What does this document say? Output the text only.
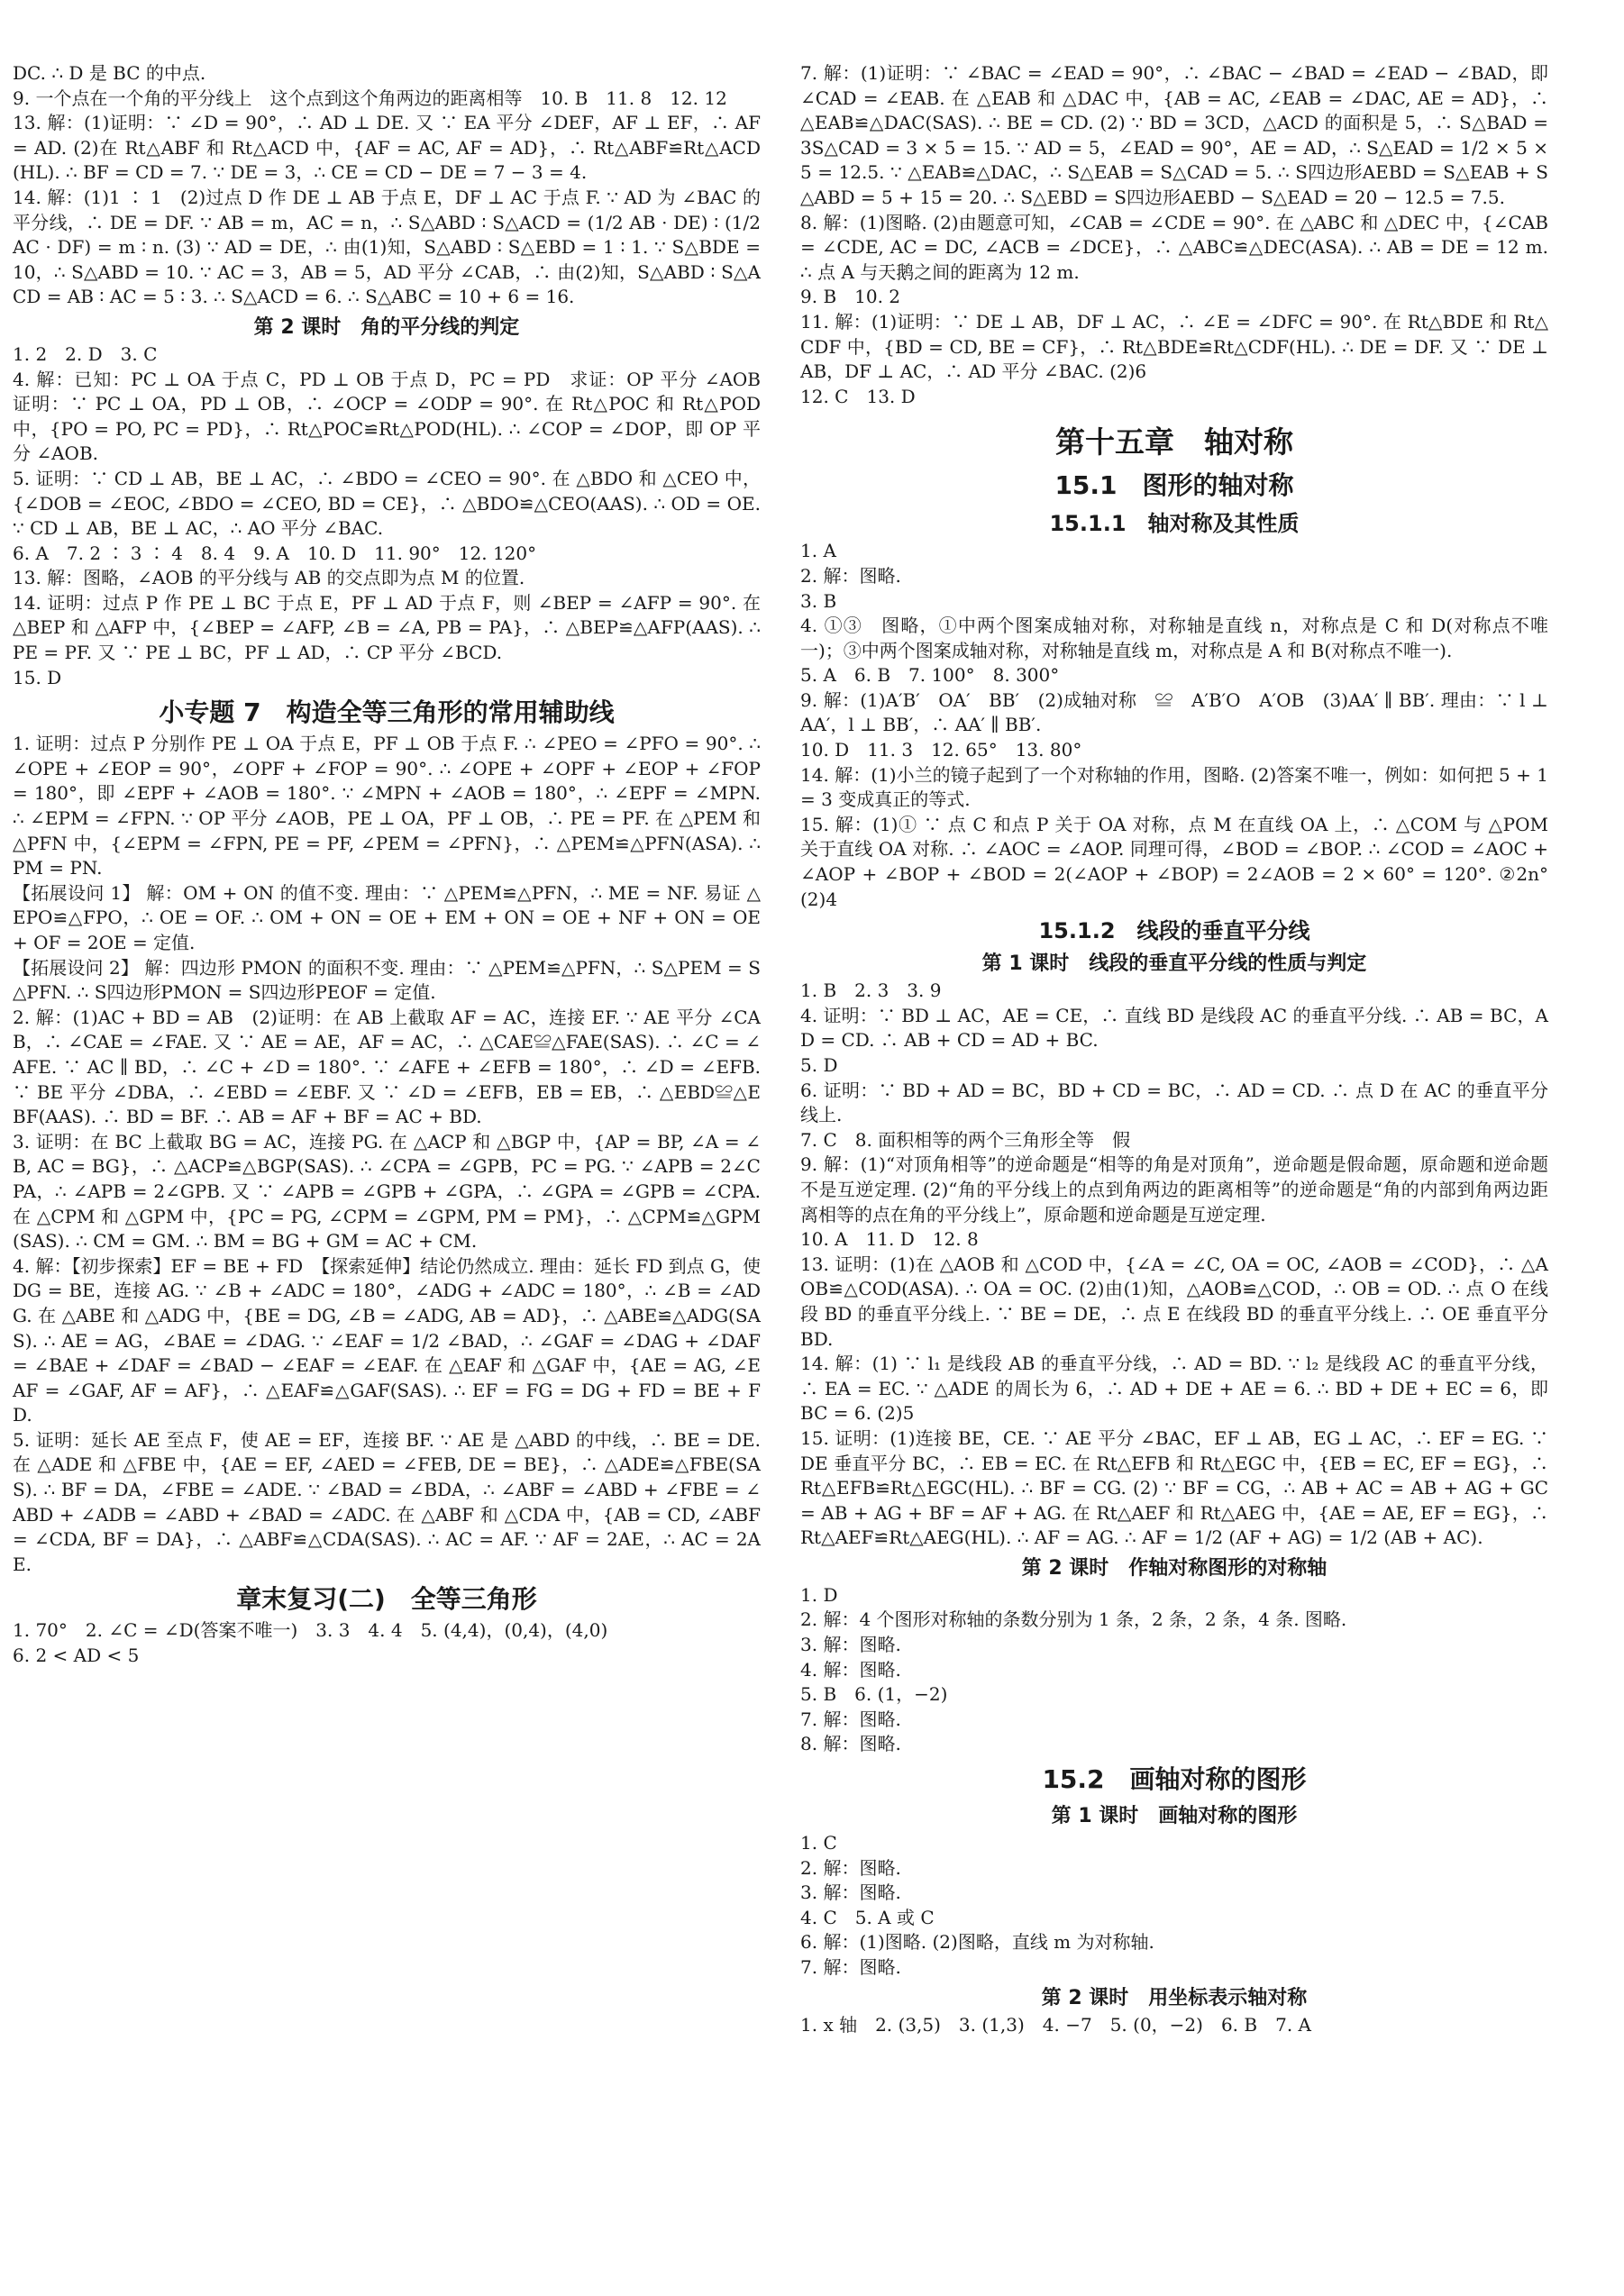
DC. ∴ D 是 BC 的中点.

9. 一个点在一个角的平分线上　这个点到这个角两边的距离相等　10. B　11. 8　12. 12

13. 解：(1)证明：∵ ∠D = 90°，∴ AD ⊥ DE. 又 ∵ EA 平分 ∠DEF，AF ⊥ EF，∴ AF = AD. (2)在 Rt△ABF 和 Rt△ACD 中，{AF = AC, AF = AD}，∴ Rt△ABF≌Rt△ACD(HL). ∴ BF = CD = 7. ∵ DE = 3，∴ CE = CD − DE = 7 − 3 = 4.

14. 解：(1)1 ∶ 1　(2)过点 D 作 DE ⊥ AB 于点 E，DF ⊥ AC 于点 F. ∵ AD 为 ∠BAC 的平分线，∴ DE = DF. ∵ AB = m，AC = n，∴ S△ABD ∶ S△ACD = (1/2 AB · DE) ∶ (1/2 AC · DF) = m ∶ n. (3) ∵ AD = DE，∴ 由(1)知，S△ABD ∶ S△EBD = 1 ∶ 1. ∵ S△BDE = 10，∴ S△ABD = 10. ∵ AC = 3，AB = 5，AD 平分 ∠CAB，∴ 由(2)知，S△ABD ∶ S△ACD = AB ∶ AC = 5 ∶ 3. ∴ S△ACD = 6. ∴ S△ABC = 10 + 6 = 16.

第 2 课时　角的平分线的判定

1. 2　2. D　3. C

4. 解：已知：PC ⊥ OA 于点 C，PD ⊥ OB 于点 D，PC = PD　求证：OP 平分 ∠AOB　证明：∵ PC ⊥ OA，PD ⊥ OB，∴ ∠OCP = ∠ODP = 90°. 在 Rt△POC 和 Rt△POD 中，{PO = PO, PC = PD}，∴ Rt△POC≌Rt△POD(HL). ∴ ∠COP = ∠DOP，即 OP 平分 ∠AOB.

5. 证明：∵ CD ⊥ AB，BE ⊥ AC，∴ ∠BDO = ∠CEO = 90°. 在 △BDO 和 △CEO 中，{∠DOB = ∠EOC, ∠BDO = ∠CEO, BD = CE}，∴ △BDO≌△CEO(AAS). ∴ OD = OE. ∵ CD ⊥ AB，BE ⊥ AC，∴ AO 平分 ∠BAC.

6. A　7. 2 ∶ 3 ∶ 4　8. 4　9. A　10. D　11. 90°　12. 120°

13. 解：图略，∠AOB 的平分线与 AB 的交点即为点 M 的位置.

14. 证明：过点 P 作 PE ⊥ BC 于点 E，PF ⊥ AD 于点 F，则 ∠BEP = ∠AFP = 90°. 在 △BEP 和 △AFP 中，{∠BEP = ∠AFP, ∠B = ∠A, PB = PA}，∴ △BEP≌△AFP(AAS). ∴ PE = PF. 又 ∵ PE ⊥ BC，PF ⊥ AD，∴ CP 平分 ∠BCD.

15. D

小专题 7　构造全等三角形的常用辅助线

1. 证明：过点 P 分别作 PE ⊥ OA 于点 E，PF ⊥ OB 于点 F. ∴ ∠PEO = ∠PFO = 90°. ∴ ∠OPE + ∠EOP = 90°，∠OPF + ∠FOP = 90°. ∴ ∠OPE + ∠OPF + ∠EOP + ∠FOP = 180°，即 ∠EPF + ∠AOB = 180°. ∵ ∠MPN + ∠AOB = 180°，∴ ∠EPF = ∠MPN. ∴ ∠EPM = ∠FPN. ∵ OP 平分 ∠AOB，PE ⊥ OA，PF ⊥ OB，∴ PE = PF. 在 △PEM 和 △PFN 中，{∠EPM = ∠FPN, PE = PF, ∠PEM = ∠PFN}，∴ △PEM≌△PFN(ASA). ∴ PM = PN.

【拓展设问 1】 解：OM + ON 的值不变. 理由：∵ △PEM≌△PFN，∴ ME = NF. 易证 △EPO≌△FPO，∴ OE = OF. ∴ OM + ON = OE + EM + ON = OE + NF + ON = OE + OF = 2OE = 定值.

【拓展设问 2】 解：四边形 PMON 的面积不变. 理由：∵ △PEM≌△PFN，∴ S△PEM = S△PFN. ∴ S四边形PMON = S四边形PEOF = 定值.

2. 解：(1)AC + BD = AB　(2)证明：在 AB 上截取 AF = AC，连接 EF. ∵ AE 平分 ∠CAB，∴ ∠CAE = ∠FAE. 又 ∵ AE = AE，AF = AC，∴ △CAE≌△FAE(SAS). ∴ ∠C = ∠AFE. ∵ AC ∥ BD，∴ ∠C + ∠D = 180°. ∵ ∠AFE + ∠EFB = 180°，∴ ∠D = ∠EFB. ∵ BE 平分 ∠DBA，∴ ∠EBD = ∠EBF. 又 ∵ ∠D = ∠EFB，EB = EB，∴ △EBD≌△EBF(AAS). ∴ BD = BF. ∴ AB = AF + BF = AC + BD.

3. 证明：在 BC 上截取 BG = AC，连接 PG. 在 △ACP 和 △BGP 中，{AP = BP, ∠A = ∠B, AC = BG}，∴ △ACP≌△BGP(SAS). ∴ ∠CPA = ∠GPB，PC = PG. ∵ ∠APB = 2∠CPA，∴ ∠APB = 2∠GPB. 又 ∵ ∠APB = ∠GPB + ∠GPA，∴ ∠GPA = ∠GPB = ∠CPA. 在 △CPM 和 △GPM 中，{PC = PG, ∠CPM = ∠GPM, PM = PM}，∴ △CPM≌△GPM(SAS). ∴ CM = GM. ∴ BM = BG + GM = AC + CM.

4. 解：【初步探索】EF = BE + FD　【探索延伸】结论仍然成立. 理由：延长 FD 到点 G，使 DG = BE，连接 AG. ∵ ∠B + ∠ADC = 180°，∠ADG + ∠ADC = 180°，∴ ∠B = ∠ADG. 在 △ABE 和 △ADG 中，{BE = DG, ∠B = ∠ADG, AB = AD}，∴ △ABE≌△ADG(SAS). ∴ AE = AG，∠BAE = ∠DAG. ∵ ∠EAF = 1/2 ∠BAD，∴ ∠GAF = ∠DAG + ∠DAF = ∠BAE + ∠DAF = ∠BAD − ∠EAF = ∠EAF. 在 △EAF 和 △GAF 中，{AE = AG, ∠EAF = ∠GAF, AF = AF}，∴ △EAF≌△GAF(SAS). ∴ EF = FG = DG + FD = BE + FD.

5. 证明：延长 AE 至点 F，使 AE = EF，连接 BF. ∵ AE 是 △ABD 的中线，∴ BE = DE. 在 △ADE 和 △FBE 中，{AE = EF, ∠AED = ∠FEB, DE = BE}，∴ △ADE≌△FBE(SAS). ∴ BF = DA，∠FBE = ∠ADE. ∵ ∠BAD = ∠BDA，∴ ∠ABF = ∠ABD + ∠FBE = ∠ABD + ∠ADB = ∠ABD + ∠BAD = ∠ADC. 在 △ABF 和 △CDA 中，{AB = CD, ∠ABF = ∠CDA, BF = DA}，∴ △ABF≌△CDA(SAS). ∴ AC = AF. ∵ AF = 2AE，∴ AC = 2AE.

章末复习(二)　全等三角形

1. 70°　2. ∠C = ∠D(答案不唯一)　3. 3　4. 4　5. (4,4)，(0,4)，(4,0)

6. 2 < AD < 5

7. 解：(1)证明：∵ ∠BAC = ∠EAD = 90°，∴ ∠BAC − ∠BAD = ∠EAD − ∠BAD，即 ∠CAD = ∠EAB. 在 △EAB 和 △DAC 中，{AB = AC, ∠EAB = ∠DAC, AE = AD}，∴ △EAB≌△DAC(SAS). ∴ BE = CD. (2) ∵ BD = 3CD，△ACD 的面积是 5，∴ S△BAD = 3S△CAD = 3 × 5 = 15. ∵ AD = 5，∠EAD = 90°，AE = AD，∴ S△EAD = 1/2 × 5 × 5 = 12.5. ∵ △EAB≌△DAC，∴ S△EAB = S△CAD = 5. ∴ S四边形AEBD = S△EAB + S△ABD = 5 + 15 = 20. ∴ S△EBD = S四边形AEBD − S△EAD = 20 − 12.5 = 7.5.

8. 解：(1)图略. (2)由题意可知，∠CAB = ∠CDE = 90°. 在 △ABC 和 △DEC 中，{∠CAB = ∠CDE, AC = DC, ∠ACB = ∠DCE}，∴ △ABC≌△DEC(ASA). ∴ AB = DE = 12 m. ∴ 点 A 与天鹅之间的距离为 12 m.

9. B　10. 2

11. 解：(1)证明：∵ DE ⊥ AB，DF ⊥ AC，∴ ∠E = ∠DFC = 90°. 在 Rt△BDE 和 Rt△CDF 中，{BD = CD, BE = CF}，∴ Rt△BDE≌Rt△CDF(HL). ∴ DE = DF. 又 ∵ DE ⊥ AB，DF ⊥ AC，∴ AD 平分 ∠BAC. (2)6

12. C　13. D

第十五章　轴对称
15.1　图形的轴对称
15.1.1　轴对称及其性质

1. A

2. 解：图略.

3. B

4. ①③　图略，①中两个图案成轴对称，对称轴是直线 n，对称点是 C 和 D(对称点不唯一)；③中两个图案成轴对称，对称轴是直线 m，对称点是 A 和 B(对称点不唯一).

5. A　6. B　7. 100°　8. 300°

9. 解：(1)A′B′　OA′　BB′　(2)成轴对称　≌　A′B′O　A′OB　(3)AA′ ∥ BB′. 理由：∵ l ⊥ AA′，l ⊥ BB′，∴ AA′ ∥ BB′.

10. D　11. 3　12. 65°　13. 80°

14. 解：(1)小兰的镜子起到了一个对称轴的作用，图略. (2)答案不唯一，例如：如何把 5 + 1 = 3 变成真正的等式.

15. 解：(1)① ∵ 点 C 和点 P 关于 OA 对称，点 M 在直线 OA 上，∴ △COM 与 △POM 关于直线 OA 对称. ∴ ∠AOC = ∠AOP. 同理可得，∠BOD = ∠BOP. ∴ ∠COD = ∠AOC + ∠AOP + ∠BOP + ∠BOD = 2(∠AOP + ∠BOP) = 2∠AOB = 2 × 60° = 120°. ②2n°　(2)4

15.1.2　线段的垂直平分线
第 1 课时　线段的垂直平分线的性质与判定

1. B　2. 3　3. 9

4. 证明：∵ BD ⊥ AC，AE = CE，∴ 直线 BD 是线段 AC 的垂直平分线. ∴ AB = BC，AD = CD. ∴ AB + CD = AD + BC.

5. D

6. 证明：∵ BD + AD = BC，BD + CD = BC，∴ AD = CD. ∴ 点 D 在 AC 的垂直平分线上.

7. C　8. 面积相等的两个三角形全等　假

9. 解：(1)“对顶角相等”的逆命题是“相等的角是对顶角”，逆命题是假命题，原命题和逆命题不是互逆定理. (2)“角的平分线上的点到角两边的距离相等”的逆命题是“角的内部到角两边距离相等的点在角的平分线上”，原命题和逆命题是互逆定理.

10. A　11. D　12. 8

13. 证明：(1)在 △AOB 和 △COD 中，{∠A = ∠C, OA = OC, ∠AOB = ∠COD}，∴ △AOB≌△COD(ASA). ∴ OA = OC. (2)由(1)知，△AOB≌△COD，∴ OB = OD. ∴ 点 O 在线段 BD 的垂直平分线上. ∵ BE = DE，∴ 点 E 在线段 BD 的垂直平分线上. ∴ OE 垂直平分 BD.

14. 解：(1) ∵ l₁ 是线段 AB 的垂直平分线，∴ AD = BD. ∵ l₂ 是线段 AC 的垂直平分线，∴ EA = EC. ∵ △ADE 的周长为 6，∴ AD + DE + AE = 6. ∴ BD + DE + EC = 6，即 BC = 6. (2)5

15. 证明：(1)连接 BE，CE. ∵ AE 平分 ∠BAC，EF ⊥ AB，EG ⊥ AC，∴ EF = EG. ∵ DE 垂直平分 BC，∴ EB = EC. 在 Rt△EFB 和 Rt△EGC 中，{EB = EC, EF = EG}，∴ Rt△EFB≌Rt△EGC(HL). ∴ BF = CG. (2) ∵ BF = CG，∴ AB + AC = AB + AG + GC = AB + AG + BF = AF + AG. 在 Rt△AEF 和 Rt△AEG 中，{AE = AE, EF = EG}，∴ Rt△AEF≌Rt△AEG(HL). ∴ AF = AG. ∴ AF = 1/2 (AF + AG) = 1/2 (AB + AC).

第 2 课时　作轴对称图形的对称轴

1. D

2. 解：4 个图形对称轴的条数分别为 1 条，2 条，2 条，4 条. 图略.

3. 解：图略.

4. 解：图略.

5. B　6. (1，−2)

7. 解：图略.

8. 解：图略.

15.2　画轴对称的图形
第 1 课时　画轴对称的图形

1. C

2. 解：图略.

3. 解：图略.

4. C　5. A 或 C

6. 解：(1)图略. (2)图略，直线 m 为对称轴.

7. 解：图略.

第 2 课时　用坐标表示轴对称

1. x 轴　2. (3,5)　3. (1,3)　4. −7　5. (0，−2)　6. B　7. A
